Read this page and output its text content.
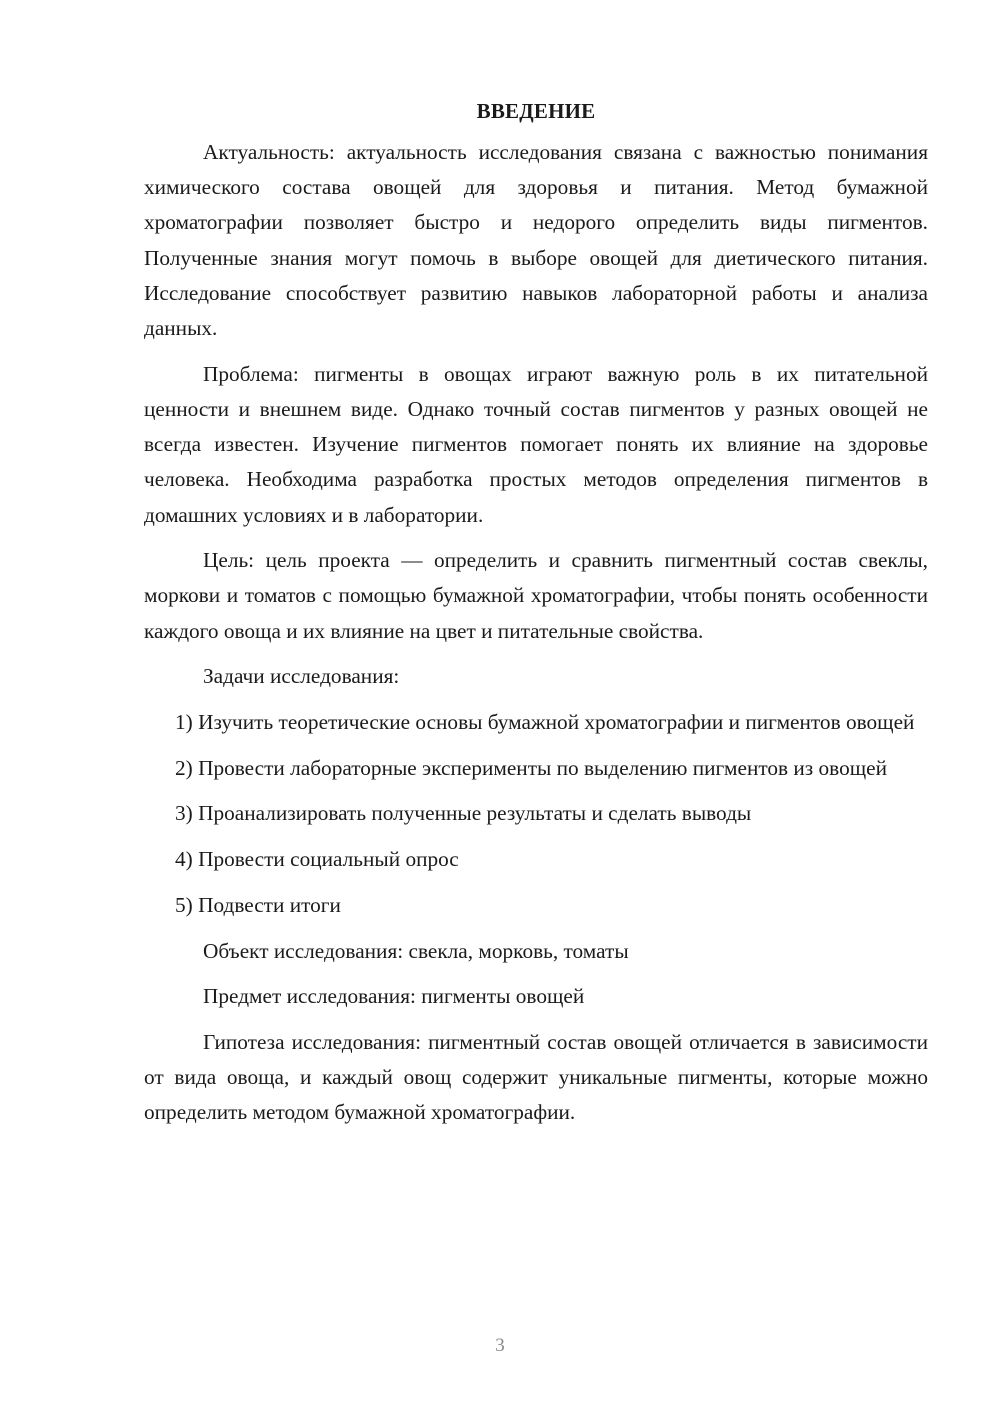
ВВЕДЕНИЕ

Актуальность: актуальность исследования связана с важностью понимания химического состава овощей для здоровья и питания. Метод бумажной хроматографии позволяет быстро и недорого определить виды пигментов. Полученные знания могут помочь в выборе овощей для диетического питания. Исследование способствует развитию навыков лабораторной работы и анализа данных.

Проблема: пигменты в овощах играют важную роль в их питательной ценности и внешнем виде. Однако точный состав пигментов у разных овощей не всегда известен. Изучение пигментов помогает понять их влияние на здоровье человека. Необходима разработка простых методов определения пигментов в домашних условиях и в лаборатории.

Цель: цель проекта — определить и сравнить пигментный состав свеклы, моркови и томатов с помощью бумажной хроматографии, чтобы понять особенности каждого овоща и их влияние на цвет и питательные свойства.

Задачи исследования:

1) Изучить теоретические основы бумажной хроматографии и пигментов овощей

2) Провести лабораторные эксперименты по выделению пигментов из овощей

3) Проанализировать полученные результаты и сделать выводы

4) Провести социальный опрос

5) Подвести итоги

Объект исследования: свекла, морковь, томаты

Предмет исследования: пигменты овощей

Гипотеза исследования: пигментный состав овощей отличается в зависимости от вида овоща, и каждый овощ содержит уникальные пигменты, которые можно определить методом бумажной хроматографии.

3
